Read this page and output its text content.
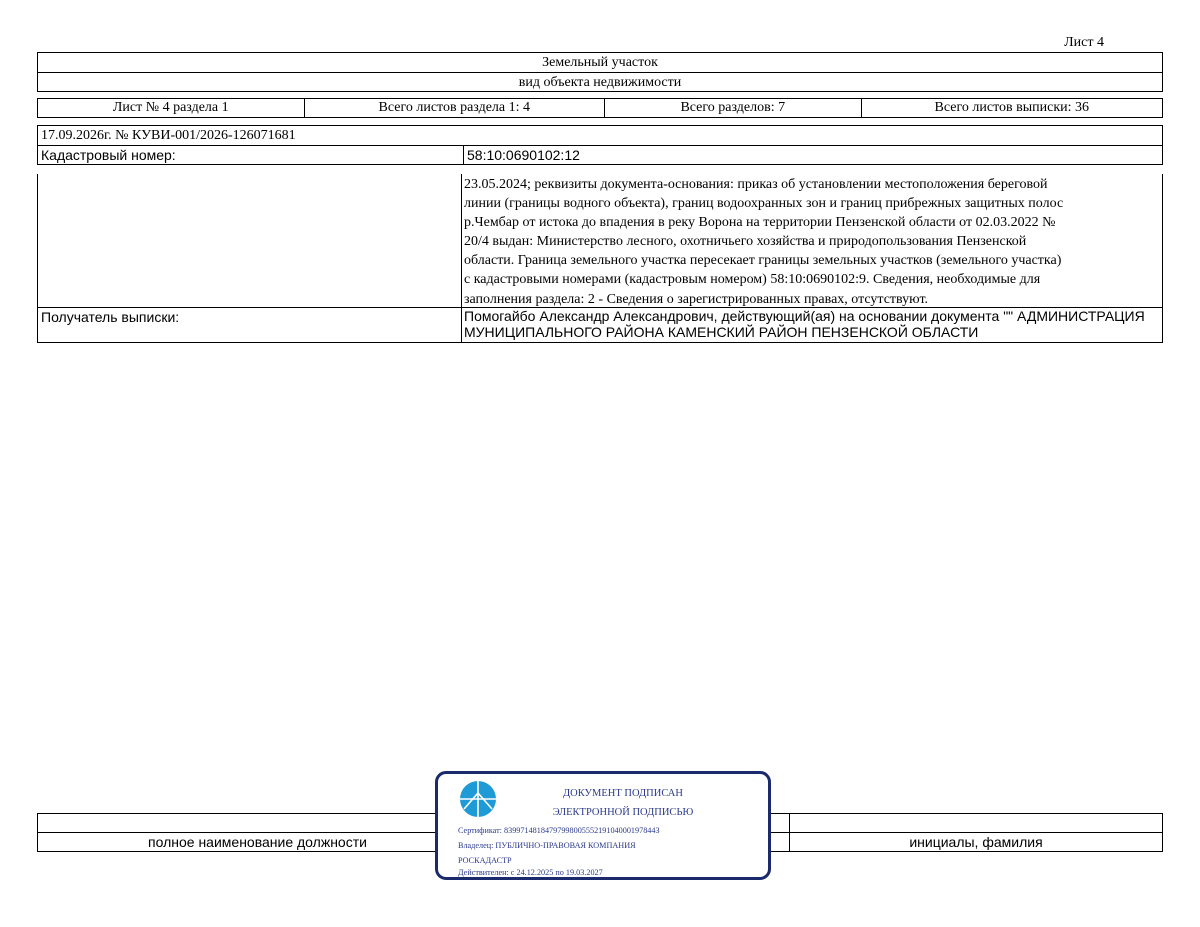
Лист 4
Земельный участок
вид объекта недвижимости
Лист № 4 раздела 1	Всего листов раздела 1: 4	Всего разделов: 7	Всего листов выписки: 36
17.09.2026г. № КУВИ-001/2026-126071681
Кадастровый номер:	58:10:0690102:12
23.05.2024; реквизиты документа-основания: приказ об установлении местоположения береговой
линии (границы водного объекта), границ водоохранных зон и границ прибрежных защитных полос
р.Чембар от истока до впадения в реку Ворона на территории Пензенской области от 02.03.2022 №
20/4 выдан: Министерство лесного, охотничьего хозяйства и природопользования Пензенской
области. Граница земельного участка пересекает границы земельных участков (земельного участка)
с кадастровыми номерами (кадастровым номером) 58:10:0690102:9. Сведения, необходимые для
заполнения раздела: 2 - Сведения о зарегистрированных правах, отсутствуют.
Получатель выписки:	Помогайбо Александр Александрович, действующий(ая) на основании документа "" АДМИНИСТРАЦИЯ
МУНИЦИПАЛЬНОГО РАЙОНА КАМЕНСКИЙ РАЙОН ПЕНЗЕНСКОЙ ОБЛАСТИ
полное наименование должности	инициалы, фамилия
ДОКУМЕНТ ПОДПИСАН
ЭЛЕКТРОННОЙ ПОДПИСЬЮ
Сертификат: 8399714818479799800555219104000197844З
Владелец: ПУБЛИЧНО-ПРАВОВАЯ КОМПАНИЯ
РОСКАДАСТР
Действителен: с 24.12.2025 по 19.03.2027
